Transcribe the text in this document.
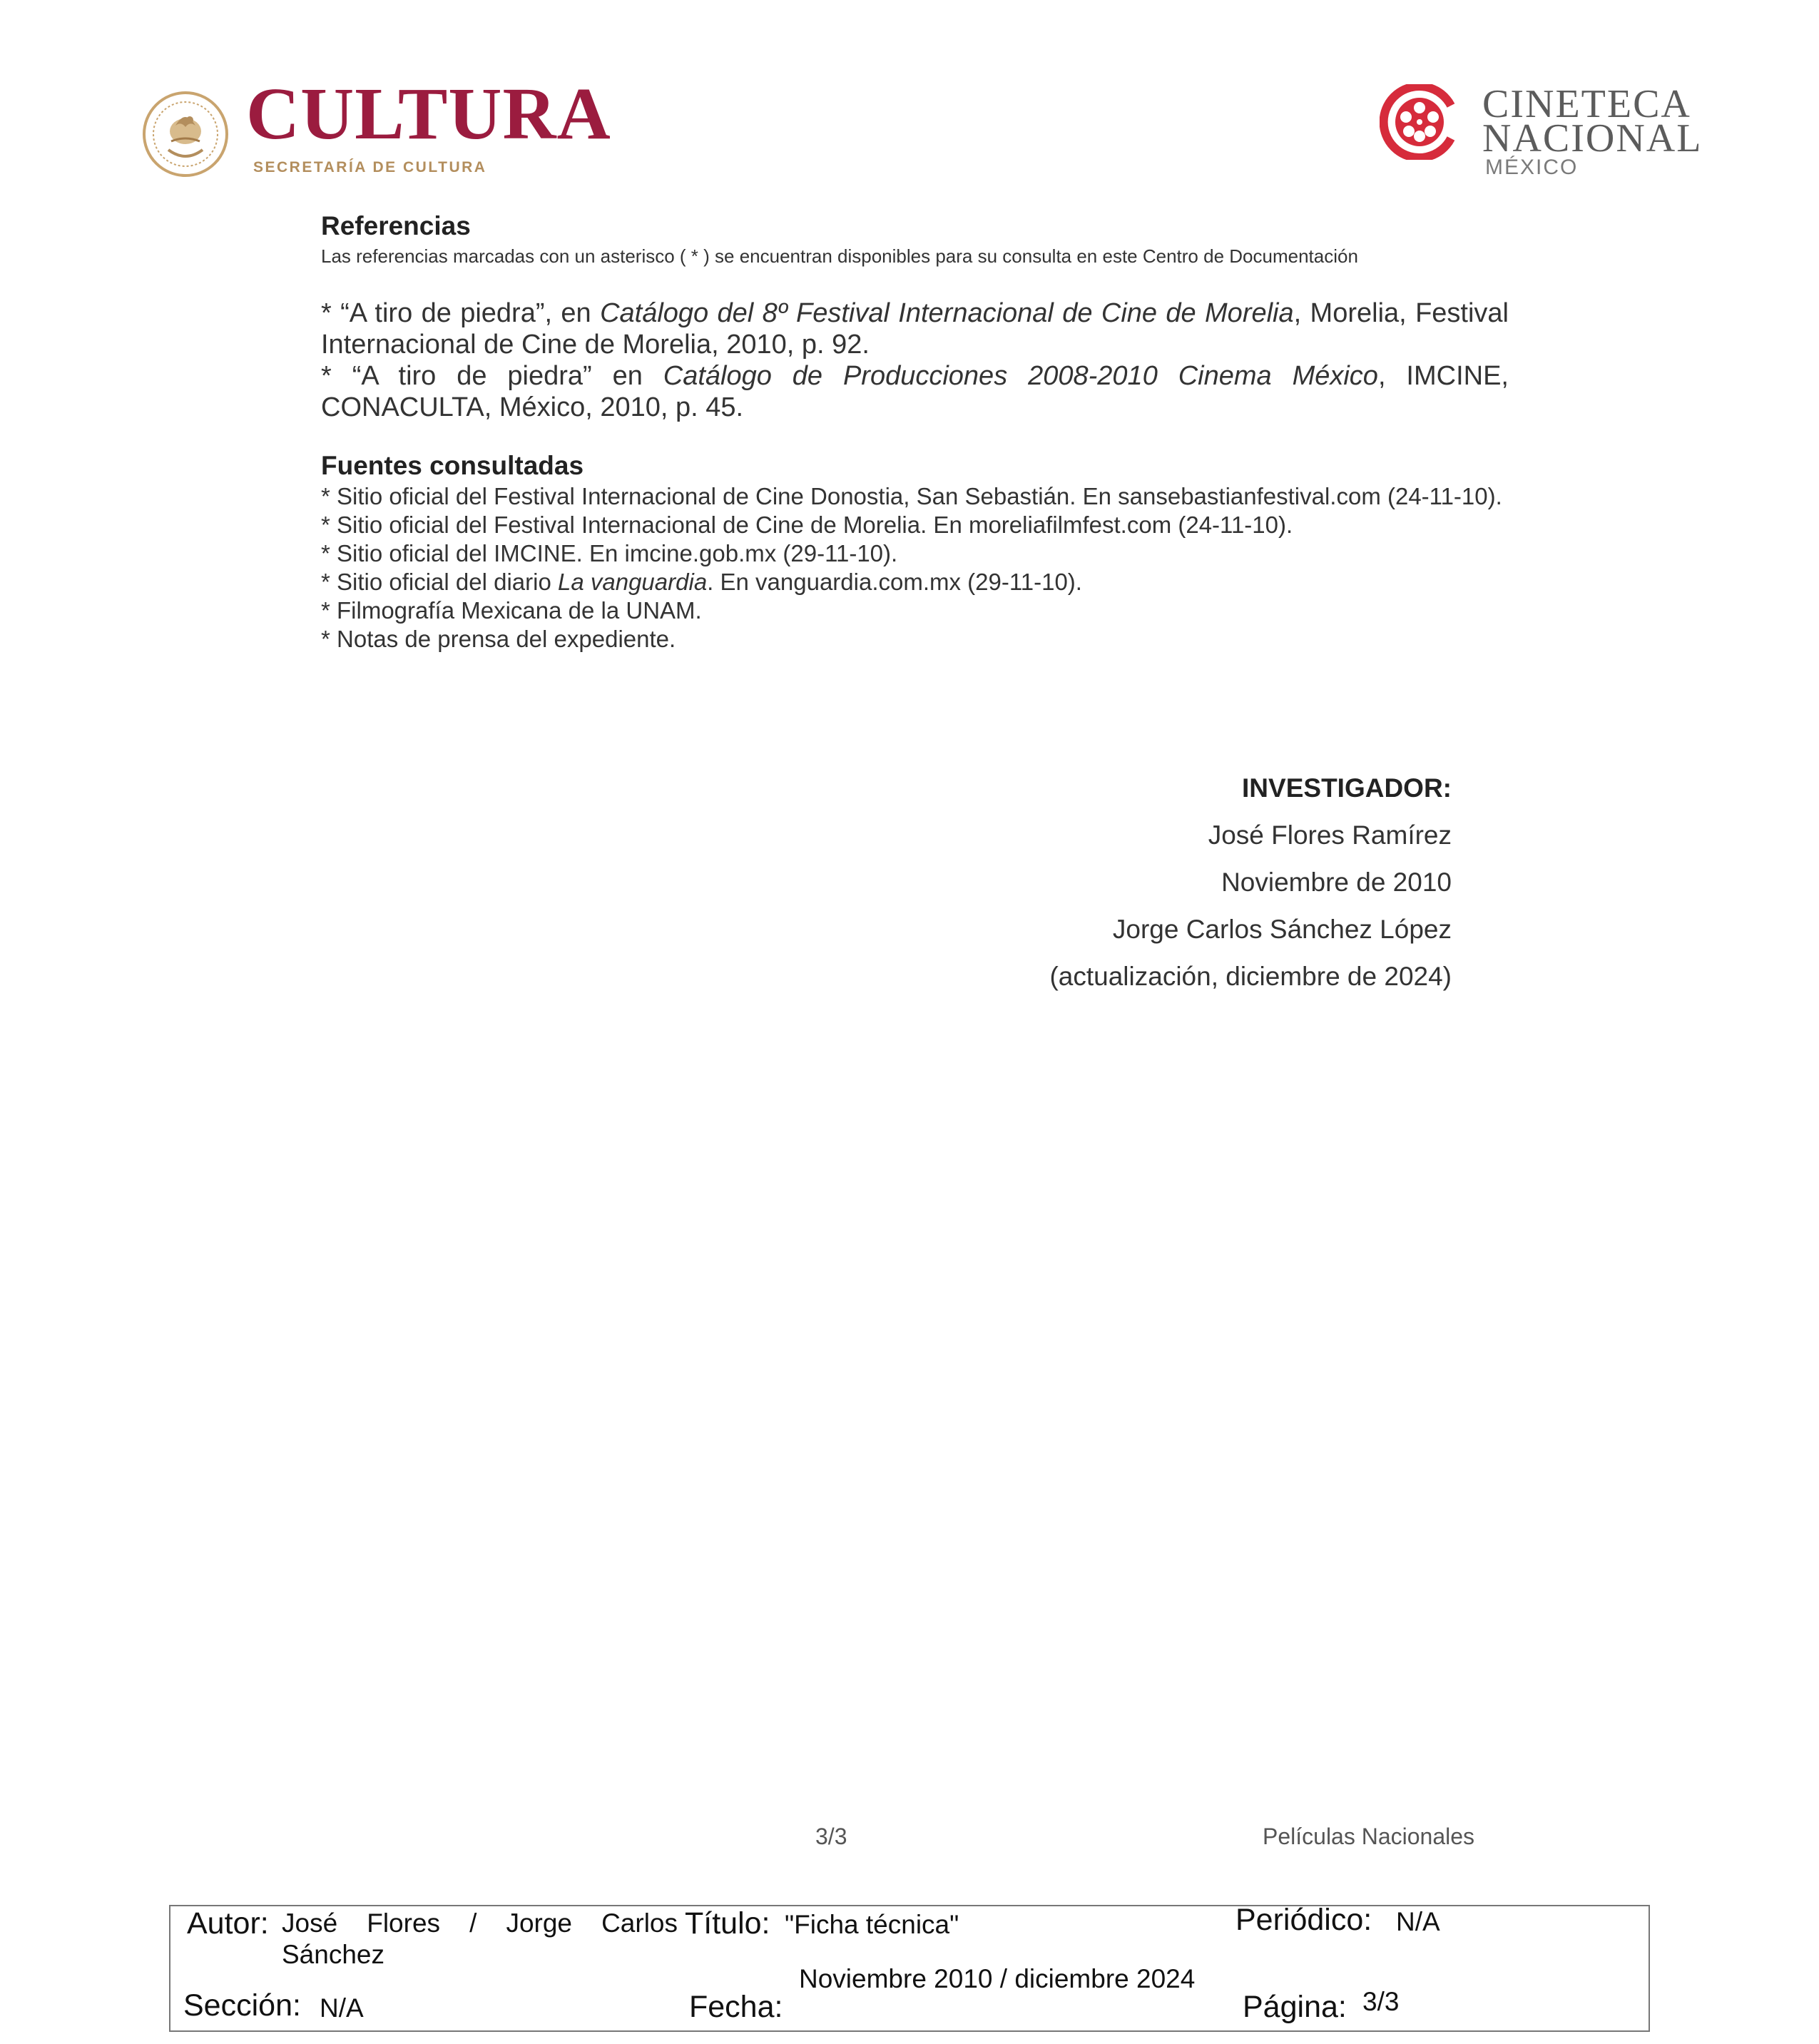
CULTURA
SECRETARÍA DE CULTURA
CINETECA
NACIONAL
MÉXICO
Referencias
Las referencias marcadas con un asterisco ( * ) se encuentran disponibles para su consulta en este Centro de Documentación

* “A tiro de piedra”, en Catálogo del 8º Festival Internacional de Cine de Morelia, Morelia, Festival Internacional de Cine de Morelia, 2010, p. 92.

* “A tiro de piedra” en Catálogo de Producciones 2008-2010 Cinema México, IMCINE, CONACULTA, México, 2010, p. 45.

Fuentes consultadas

* Sitio oficial del Festival Internacional de Cine Donostia, San Sebastián. En sansebastianfestival.com (24-11-10).

* Sitio oficial del Festival Internacional de Cine de Morelia. En moreliafilmfest.com (24-11-10).

* Sitio oficial del IMCINE. En imcine.gob.mx (29-11-10).

* Sitio oficial del diario La vanguardia. En vanguardia.com.mx (29-11-10).

* Filmografía Mexicana de la UNAM.

* Notas de prensa del expediente.

INVESTIGADOR:
José Flores Ramírez
Noviembre de 2010
Jorge Carlos Sánchez López
(actualización, diciembre de 2024)
3/3	Películas Nacionales
Autor: José Flores / Jorge Carlos Sánchez
Título: "Ficha técnica"	Periódico: N/A
Sección: N/A	Fecha:
Noviembre 2010 / diciembre 2024
Página: 3/3
